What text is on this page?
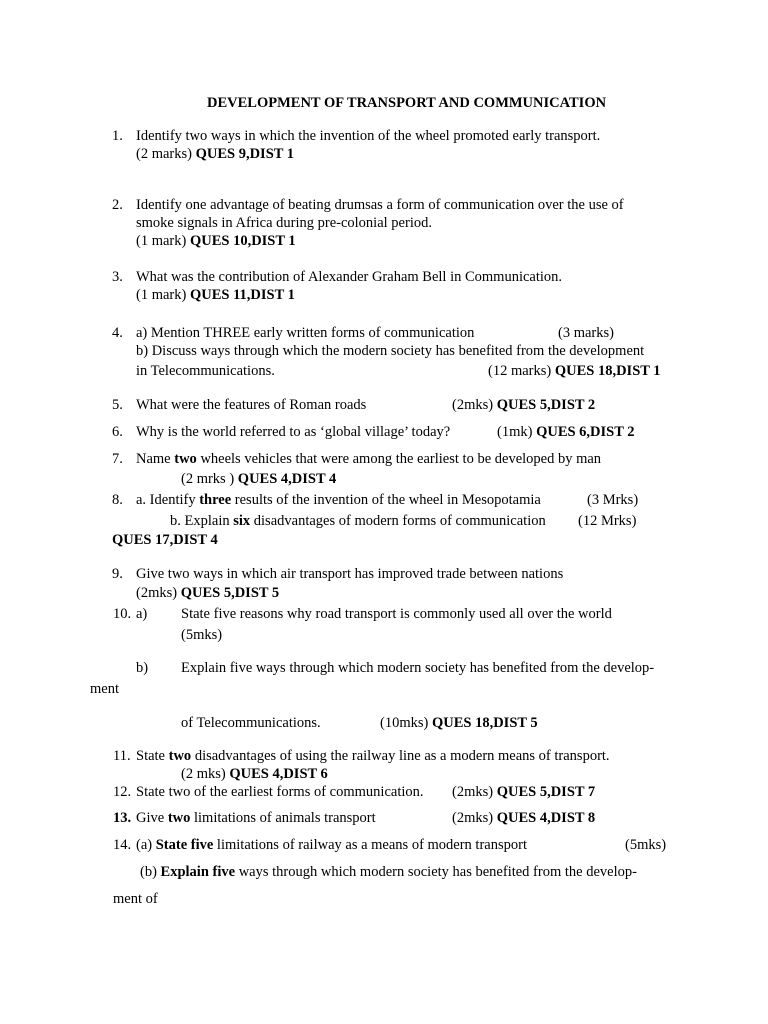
DEVELOPMENT OF TRANSPORT AND COMMUNICATION
1. Identify two ways in which the invention of the wheel promoted early transport.
(2 marks) QUES 9,DIST 1
2. Identify one advantage of beating drumsas a form of communication over the use of
smoke signals in Africa during pre-colonial period.
(1 mark) QUES 10,DIST 1
3. What was the contribution of Alexander Graham Bell in Communication.
(1 mark) QUES 11,DIST 1
4. a) Mention THREE early written forms of communication	(3 marks)
b) Discuss ways through which the modern society has benefited from the development
in Telecommunications.	(12 marks) QUES 18,DIST 1
5. What were the features of Roman roads	(2mks) QUES 5,DIST 2
6. Why is the world referred to as ‘global village’ today?	(1mk) QUES 6,DIST 2
7. Name two wheels vehicles that were among the earliest to be developed by man
(2 mrks ) QUES 4,DIST 4
8. a. Identify three results of the invention of the wheel in Mesopotamia	(3 Mrks)
b. Explain six disadvantages of modern forms of communication (12 Mrks)
QUES 17,DIST 4
9. Give two ways in which air transport has improved trade between nations
(2mks) QUES 5,DIST 5
10. a) State five reasons why road transport is commonly used all over the world
(5mks)
b) Explain five ways through which modern society has benefited from the develop-
ment
of Telecommunications.	(10mks) QUES 18,DIST 5
11. State two disadvantages of using the railway line as a modern means of transport.
(2 mks) QUES 4,DIST 6
12. State two of the earliest forms of communication. (2mks) QUES 5,DIST 7
13. Give two limitations of animals transport	(2mks) QUES 4,DIST 8
14. (a) State five limitations of railway as a means of modern transport	(5mks)
(b) Explain five ways through which modern society has benefited from the develop-
ment of
